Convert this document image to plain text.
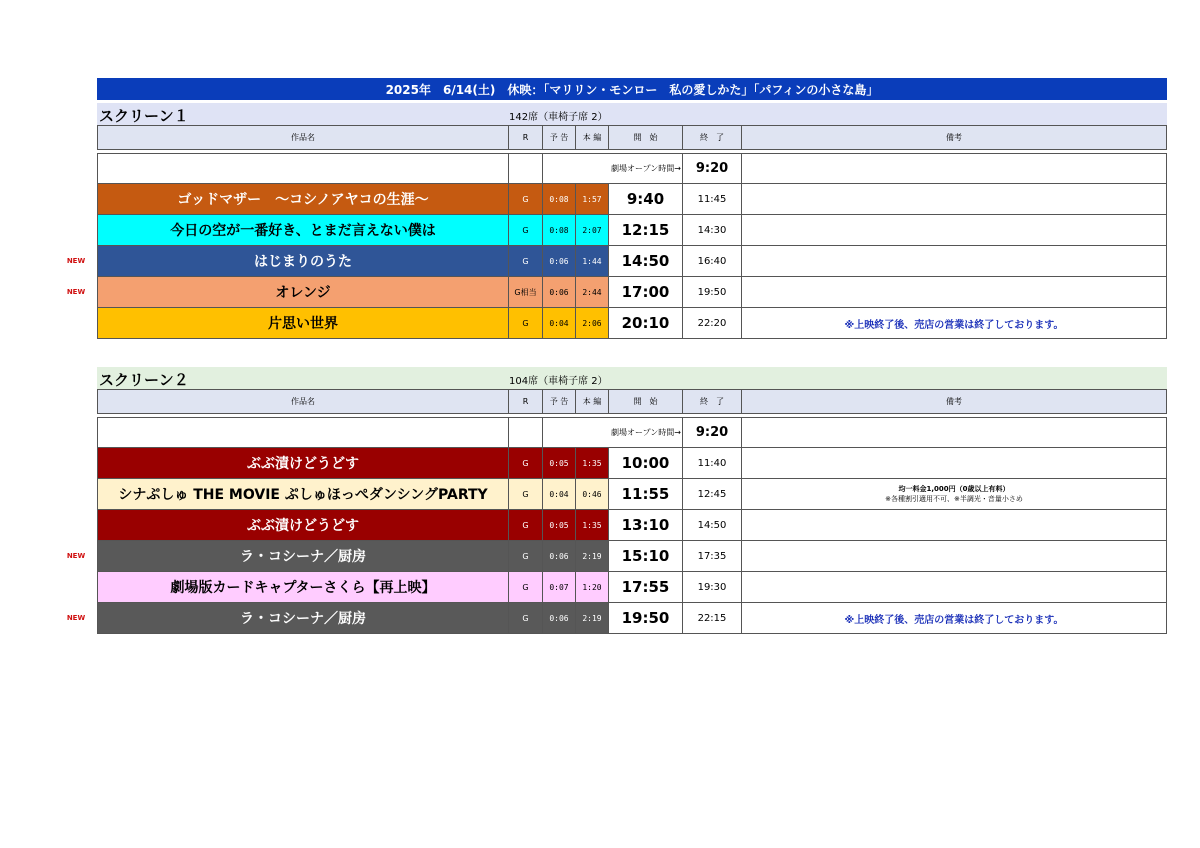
2025年　6/14(土)　休映：「マリリン・モンロー　私の愛しかた」「パフィンの小さな島」
スクリーン１	142席（車椅子席 2）
作品名	R	予 告	本 編	開　始	終　了	備考
劇場オープン時間→	9:20
ゴッドマザー　～コシノアヤコの生涯～	G	0:08	1:57	9:40	11:45
今日の空が一番好き、とまだ言えない僕は	G	0:08	2:07	12:15	14:30
NEW	はじまりのうた	G	0:06	1:44	14:50	16:40
NEW	オレンジ	G相当	0:06	2:44	17:00	19:50
片思い世界	G	0:04	2:06	20:10	22:20	※上映終了後、売店の営業は終了しております。
スクリーン２	104席（車椅子席 2）
作品名	R	予 告	本 編	開　始	終　了	備考
劇場オープン時間→	9:20
ぶぶ漬けどうどす	G	0:05	1:35	10:00	11:40
シナぷしゅ THE MOVIE ぷしゅほっぺダンシングPARTY	G	0:04	0:46	11:55	12:45	均一料金1,000円（0歳以上有料）
※各種割引適用不可、※半調光・音量小さめ
ぶぶ漬けどうどす	G	0:05	1:35	13:10	14:50
NEW	ラ・コシーナ／厨房	G	0:06	2:19	15:10	17:35
劇場版カードキャプターさくら【再上映】	G	0:07	1:20	17:55	19:30
NEW	ラ・コシーナ／厨房	G	0:06	2:19	19:50	22:15	※上映終了後、売店の営業は終了しております。
